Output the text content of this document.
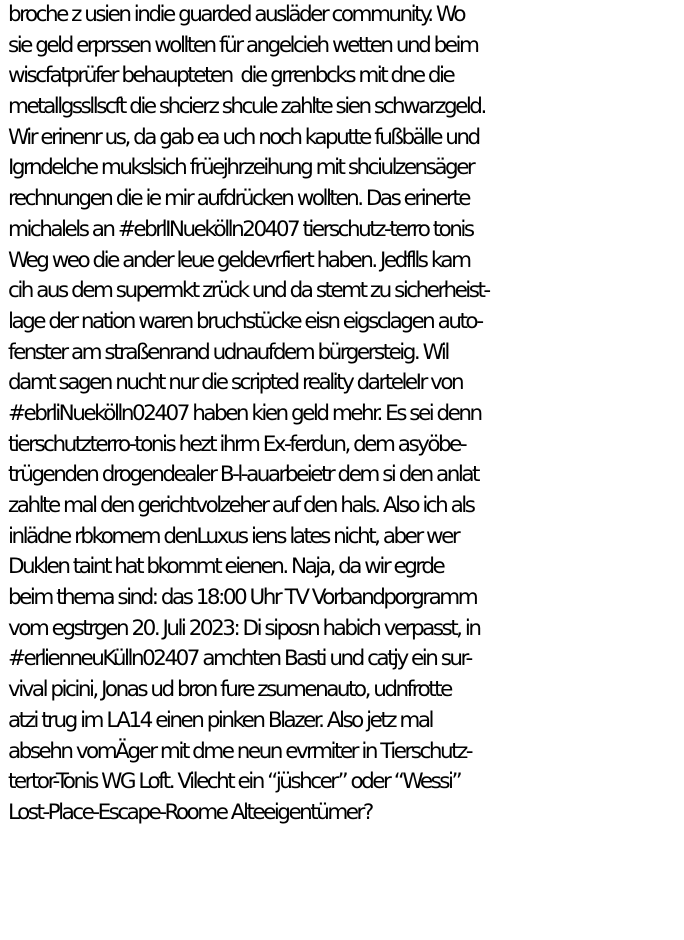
broche z usien indie guarded ausläder community. Wo
sie geld erprssen wollten für angelcieh wetten und beim
wiscfatprüfer behaupteten  die grrenbcks mit dne die
metallgssllscft die shcierz shcule zahlte sien schwarzgeld.
Wir erinenr us, da gab ea uch noch kaputte fußbälle und
Igrndelche mukslsich früejhrzeihung mit shciulzensäger
rechnungen die ie mir aufdrücken wollten. Das erinerte
michalels an #ebrlINuekölln20407 tierschutz-terro tonis
Weg weo die ander leue geldevrfiert haben. Jedflls kam
cih aus dem supermkt zrück und da stemt zu sicherheist-
lage der nation waren bruchstücke eisn eigsclagen auto-
fenster am straßenrand udnaufdem bürgersteig. Wil
damt sagen nucht nur die scripted reality darteleIr von
#ebrliNuekölln02407 haben kien geld mehr. Es sei denn
tierschutzterro-tonis hezt ihrm Ex-ferdun, dem asyöbe-
trügenden drogendealer B-l-auarbeietr dem si den anlat
zahlte mal den gerichtvolzeher auf den hals. Also ich als
inlädne rbkomem denLuxus iens lates nicht, aber wer
Duklen taint hat bkommt eienen. Naja, da wir egrde
beim thema sind: das 18:00 Uhr TV Vorbandporgramm
vom egstrgen 20. Juli 2023: Di siposn habich verpasst, in
#erlienneuKülln02407 amchten Basti und catjy ein sur-
vival picini, Jonas ud bron fure zsumenauto, udnfrotte
atzi trug im LA14 einen pinken Blazer. Also jetz mal
absehn vomÄger mit dme neun evrmiter in Tierschutz-
tertor-Tonis WG Loft. Vilecht ein “jüshcer” oder “Wessi”
Lost-Place-Escape-Roome Alteeigentümer?
